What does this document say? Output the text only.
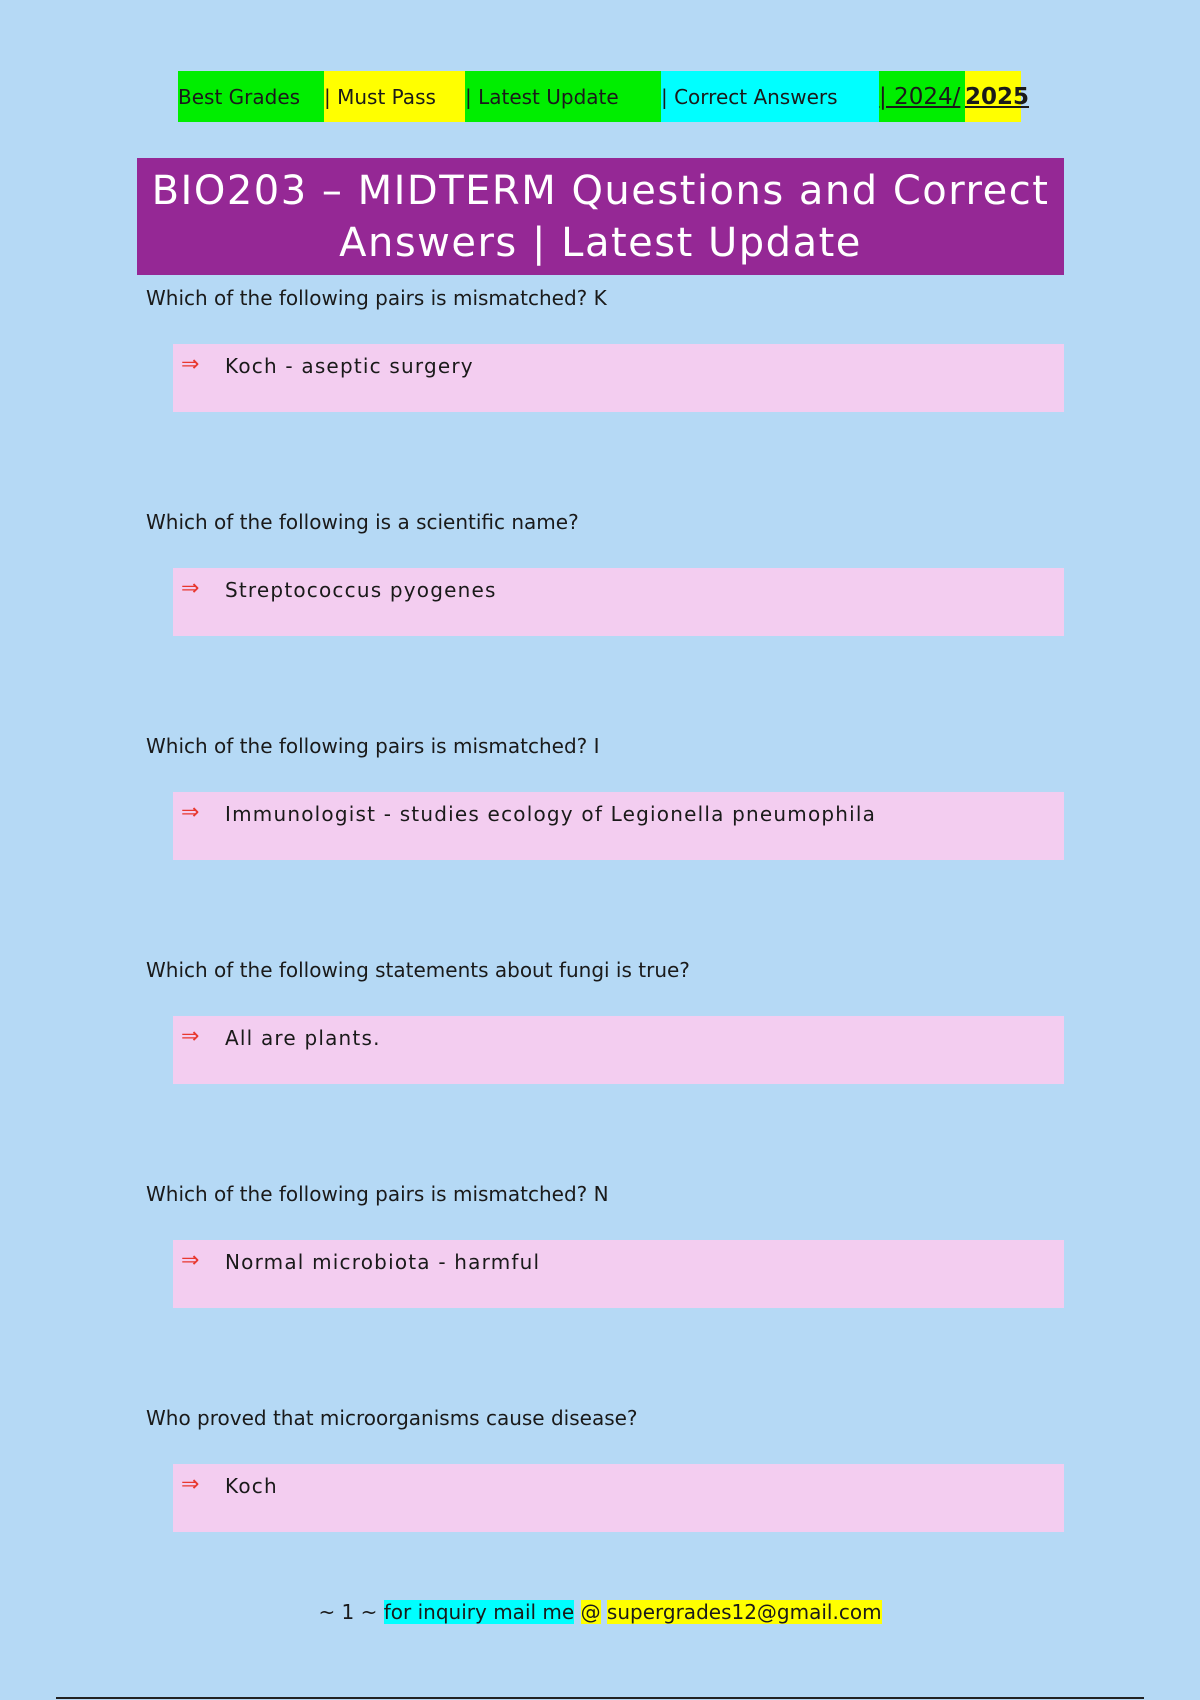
Best Grades | Must Pass | Latest Update | Correct Answers | 2024/ 2025
BIO203 – MIDTERM Questions and Correct
Answers | Latest Update
Which of the following pairs is mismatched? K
⇒ Koch - aseptic surgery
Which of the following is a scientific name?
⇒ Streptococcus pyogenes
Which of the following pairs is mismatched? I
⇒ Immunologist - studies ecology of Legionella pneumophila
Which of the following statements about fungi is true?
⇒ All are plants.
Which of the following pairs is mismatched? N
⇒ Normal microbiota - harmful
Who proved that microorganisms cause disease?
⇒ Koch
~ 1 ~ for inquiry mail me @ supergrades12@gmail.com
